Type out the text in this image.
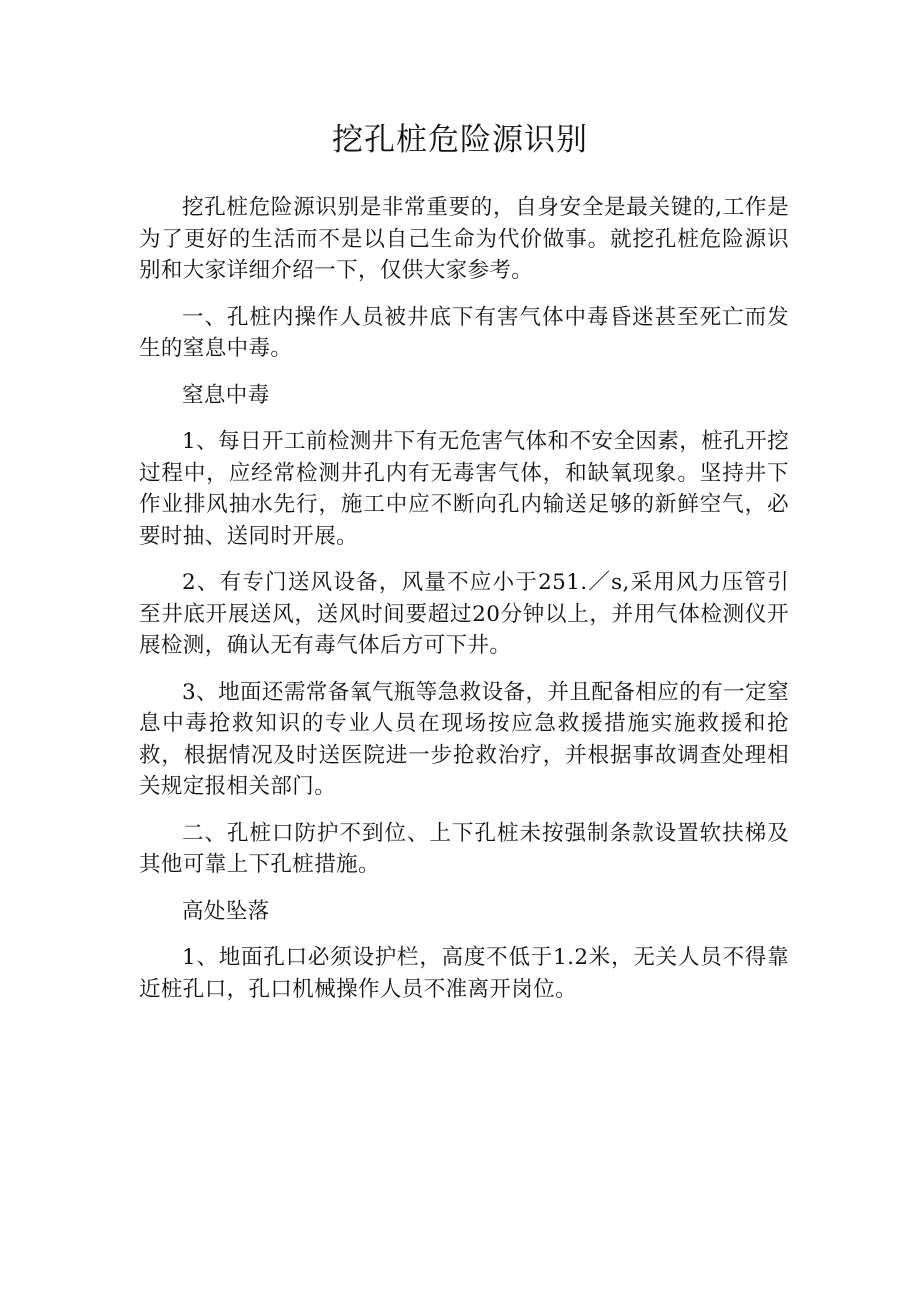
挖孔桩危险源识别

挖孔桩危险源识别是非常重要的，自身安全是最关键的,工作是为了更好的生活而不是以自己生命为代价做事。就挖孔桩危险源识别和大家详细介绍一下，仅供大家参考。

一、孔桩内操作人员被井底下有害气体中毒昏迷甚至死亡而发生的窒息中毒。

窒息中毒

1、每日开工前检测井下有无危害气体和不安全因素，桩孔开挖过程中，应经常检测井孔内有无毒害气体，和缺氧现象。坚持井下作业排风抽水先行，施工中应不断向孔内输送足够的新鲜空气，必要时抽、送同时开展。

2、有专门送风设备，风量不应小于251.／s,采用风力压管引至井底开展送风，送风时间要超过20分钟以上，并用气体检测仪开展检测，确认无有毒气体后方可下井。

3、地面还需常备氧气瓶等急救设备，并且配备相应的有一定窒息中毒抢救知识的专业人员在现场按应急救援措施实施救援和抢救，根据情况及时送医院进一步抢救治疗，并根据事故调查处理相关规定报相关部门。

二、孔桩口防护不到位、上下孔桩未按强制条款设置软扶梯及其他可靠上下孔桩措施。

高处坠落

1、地面孔口必须设护栏，高度不低于1.2米，无关人员不得靠近桩孔口，孔口机械操作人员不准离开岗位。
